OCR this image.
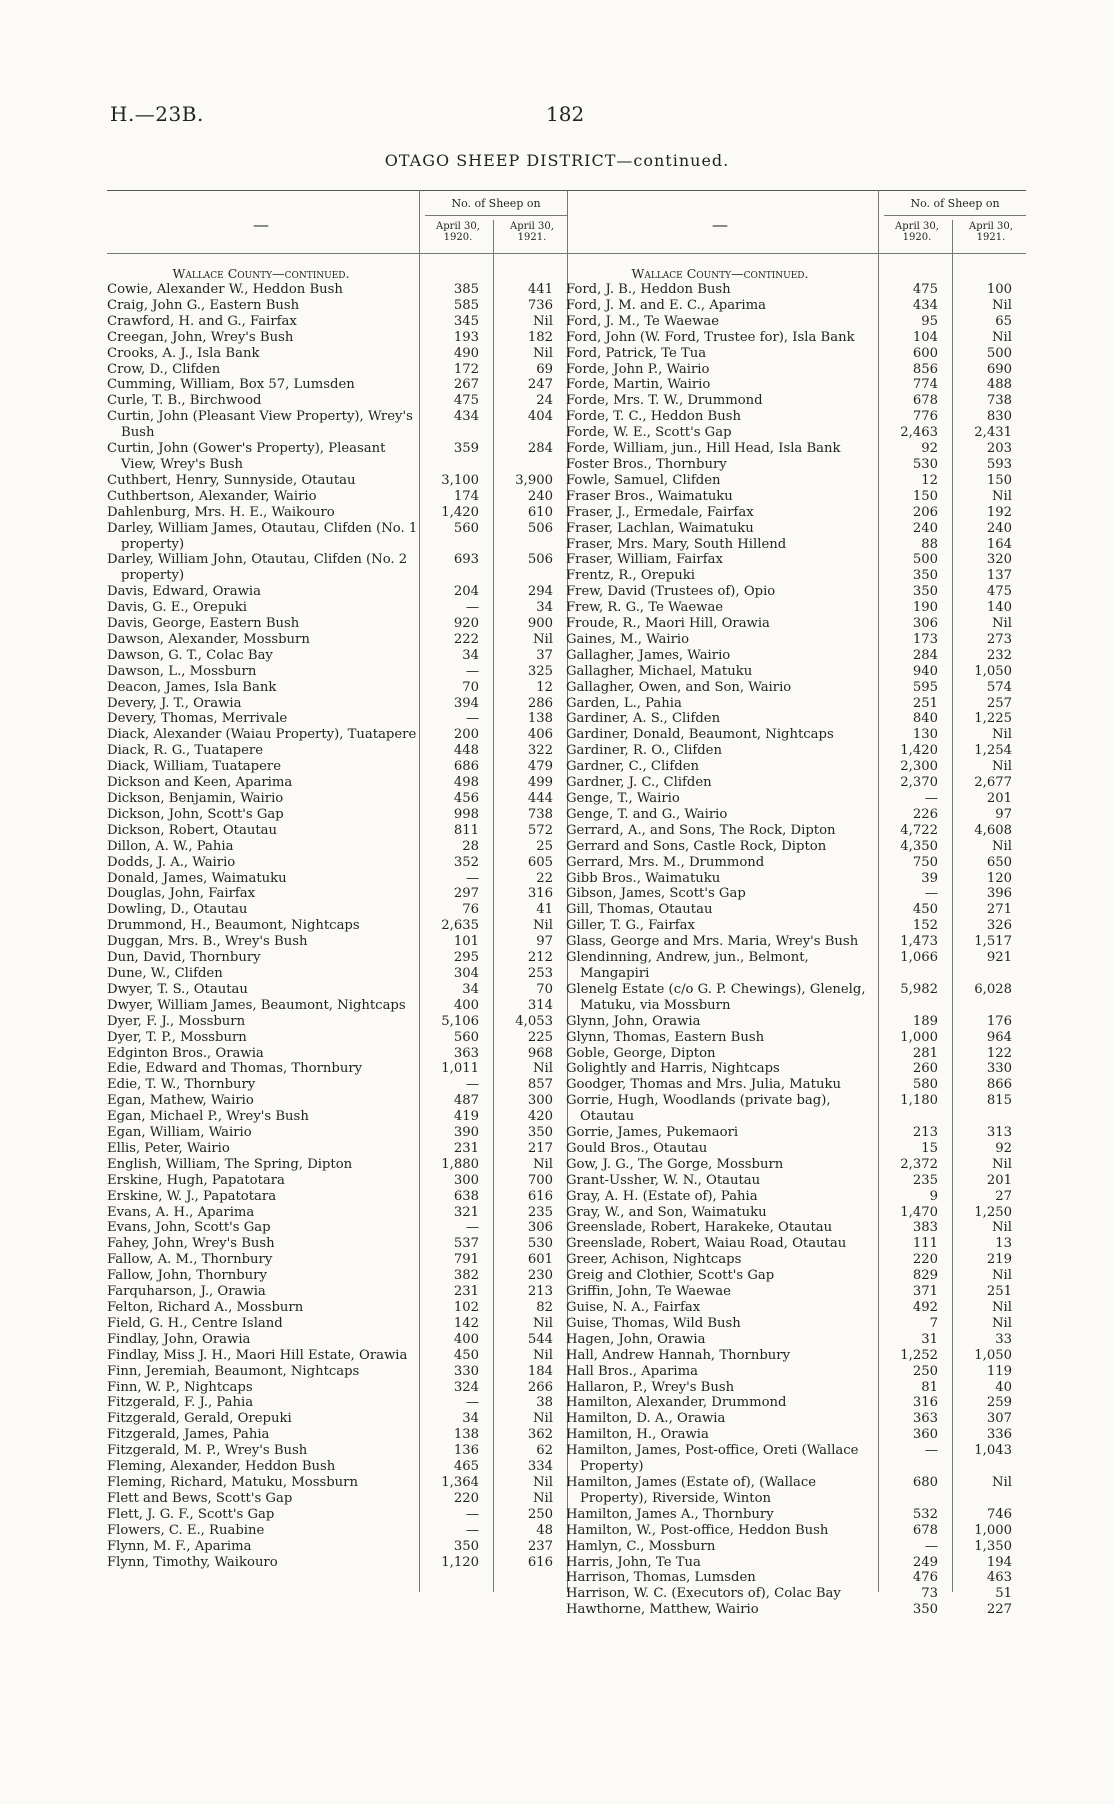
H.—23B.	182
OTAGO SHEEP DISTRICT—continued.
—
No. of Sheep on
April 30, 1920.
April 30, 1921.
Wallace County—continued.
Cowie, Alexander W., Heddon Bush	385	441
Craig, John G., Eastern Bush	585	736
Crawford, H. and G., Fairfax	345	Nil
Creegan, John, Wrey's Bush	193	182
Crooks, A. J., Isla Bank	490	Nil
Crow, D., Clifden	172	69
Cumming, William, Box 57, Lumsden	267	247
Curle, T. B., Birchwood	475	24
Curtin, John (Pleasant View Property), Wrey's Bush
434	404
Curtin, John (Gower's Property), Pleasant View, Wrey's Bush
359	284
Cuthbert, Henry, Sunnyside, Otautau	3,100	3,900
Cuthbertson, Alexander, Wairio	174	240
Dahlenburg, Mrs. H. E., Waikouro	1,420	610
Darley, William James, Otautau, Clifden (No. 1 property)
560	506
Darley, William John, Otautau, Clifden (No. 2 property)
693	506
Davis, Edward, Orawia	204	294
Davis, G. E., Orepuki	—	34
Davis, George, Eastern Bush	920	900
Dawson, Alexander, Mossburn	222	Nil
Dawson, G. T., Colac Bay	34	37
Dawson, L., Mossburn	—	325
Deacon, James, Isla Bank	70	12
Devery, J. T., Orawia	394	286
Devery, Thomas, Merrivale	—	138
Diack, Alexander (Waiau Property), Tuatapere	200	406
Diack, R. G., Tuatapere	448	322
Diack, William, Tuatapere	686	479
Dickson and Keen, Aparima	498	499
Dickson, Benjamin, Wairio	456	444
Dickson, John, Scott's Gap	998	738
Dickson, Robert, Otautau	811	572
Dillon, A. W., Pahia	28	25
Dodds, J. A., Wairio	352	605
Donald, James, Waimatuku	—	22
Douglas, John, Fairfax	297	316
Dowling, D., Otautau	76	41
Drummond, H., Beaumont, Nightcaps	2,635	Nil
Duggan, Mrs. B., Wrey's Bush	101	97
Dun, David, Thornbury	295	212
Dune, W., Clifden	304	253
Dwyer, T. S., Otautau	34	70
Dwyer, William James, Beaumont, Nightcaps	400	314
Dyer, F. J., Mossburn	5,106	4,053
Dyer, T. P., Mossburn	560	225
Edginton Bros., Orawia	363	968
Edie, Edward and Thomas, Thornbury	1,011	Nil
Edie, T. W., Thornbury	—	857
Egan, Mathew, Wairio	487	300
Egan, Michael P., Wrey's Bush	419	420
Egan, William, Wairio	390	350
Ellis, Peter, Wairio	231	217
English, William, The Spring, Dipton	1,880	Nil
Erskine, Hugh, Papatotara	300	700
Erskine, W. J., Papatotara	638	616
Evans, A. H., Aparima	321	235
Evans, John, Scott's Gap	—	306
Fahey, John, Wrey's Bush	537	530
Fallow, A. M., Thornbury	791	601
Fallow, John, Thornbury	382	230
Farquharson, J., Orawia	231	213
Felton, Richard A., Mossburn	102	82
Field, G. H., Centre Island	142	Nil
Findlay, John, Orawia	400	544
Findlay, Miss J. H., Maori Hill Estate, Orawia	450	Nil
Finn, Jeremiah, Beaumont, Nightcaps	330	184
Finn, W. P., Nightcaps	324	266
Fitzgerald, F. J., Pahia	—	38
Fitzgerald, Gerald, Orepuki	34	Nil
Fitzgerald, James, Pahia	138	362
Fitzgerald, M. P., Wrey's Bush	136	62
Fleming, Alexander, Heddon Bush	465	334
Fleming, Richard, Matuku, Mossburn	1,364	Nil
Flett and Bews, Scott's Gap	220	Nil
Flett, J. G. F., Scott's Gap	—	250
Flowers, C. E., Ruabine	—	48
Flynn, M. F., Aparima	350	237
Flynn, Timothy, Waikouro	1,120	616
—
No. of Sheep on
April 30, 1920.
April 30, 1921.
Wallace County—continued.
Ford, J. B., Heddon Bush	475	100
Ford, J. M. and E. C., Aparima	434	Nil
Ford, J. M., Te Waewae	95	65
Ford, John (W. Ford, Trustee for), Isla Bank	104	Nil
Ford, Patrick, Te Tua	600	500
Forde, John P., Wairio	856	690
Forde, Martin, Wairio	774	488
Forde, Mrs. T. W., Drummond	678	738
Forde, T. C., Heddon Bush	776	830
Forde, W. E., Scott's Gap	2,463	2,431
Forde, William, jun., Hill Head, Isla Bank	92	203
Foster Bros., Thornbury	530	593
Fowle, Samuel, Clifden	12	150
Fraser Bros., Waimatuku	150	Nil
Fraser, J., Ermedale, Fairfax	206	192
Fraser, Lachlan, Waimatuku	240	240
Fraser, Mrs. Mary, South Hillend	88	164
Fraser, William, Fairfax	500	320
Frentz, R., Orepuki	350	137
Frew, David (Trustees of), Opio	350	475
Frew, R. G., Te Waewae	190	140
Froude, R., Maori Hill, Orawia	306	Nil
Gaines, M., Wairio	173	273
Gallagher, James, Wairio	284	232
Gallagher, Michael, Matuku	940	1,050
Gallagher, Owen, and Son, Wairio	595	574
Garden, L., Pahia	251	257
Gardiner, A. S., Clifden	840	1,225
Gardiner, Donald, Beaumont, Nightcaps	130	Nil
Gardiner, R. O., Clifden	1,420	1,254
Gardner, C., Clifden	2,300	Nil
Gardner, J. C., Clifden	2,370	2,677
Genge, T., Wairio	—	201
Genge, T. and G., Wairio	226	97
Gerrard, A., and Sons, The Rock, Dipton	4,722	4,608
Gerrard and Sons, Castle Rock, Dipton	4,350	Nil
Gerrard, Mrs. M., Drummond	750	650
Gibb Bros., Waimatuku	39	120
Gibson, James, Scott's Gap	—	396
Gill, Thomas, Otautau	450	271
Giller, T. G., Fairfax	152	326
Glass, George and Mrs. Maria, Wrey's Bush	1,473	1,517
Glendinning, Andrew, jun., Belmont, Mangapiri
1,066	921
Glenelg Estate (c/o G. P. Chewings), Glenelg, Matuku, via Mossburn
5,982	6,028
Glynn, John, Orawia	189	176
Glynn, Thomas, Eastern Bush	1,000	964
Goble, George, Dipton	281	122
Golightly and Harris, Nightcaps	260	330
Goodger, Thomas and Mrs. Julia, Matuku	580	866
Gorrie, Hugh, Woodlands (private bag), Otautau
1,180	815
Gorrie, James, Pukemaori	213	313
Gould Bros., Otautau	15	92
Gow, J. G., The Gorge, Mossburn	2,372	Nil
Grant-Ussher, W. N., Otautau	235	201
Gray, A. H. (Estate of), Pahia	9	27
Gray, W., and Son, Waimatuku	1,470	1,250
Greenslade, Robert, Harakeke, Otautau	383	Nil
Greenslade, Robert, Waiau Road, Otautau	111	13
Greer, Achison, Nightcaps	220	219
Greig and Clothier, Scott's Gap	829	Nil
Griffin, John, Te Waewae	371	251
Guise, N. A., Fairfax	492	Nil
Guise, Thomas, Wild Bush	7	Nil
Hagen, John, Orawia	31	33
Hall, Andrew Hannah, Thornbury	1,252	1,050
Hall Bros., Aparima	250	119
Hallaron, P., Wrey's Bush	81	40
Hamilton, Alexander, Drummond	316	259
Hamilton, D. A., Orawia	363	307
Hamilton, H., Orawia	360	336
Hamilton, James, Post-office, Oreti (Wallace Property)
—	1,043
Hamilton, James (Estate of), (Wallace Property), Riverside, Winton
680	Nil
Hamilton, James A., Thornbury	532	746
Hamilton, W., Post-office, Heddon Bush	678	1,000
Hamlyn, C., Mossburn	—	1,350
Harris, John, Te Tua	249	194
Harrison, Thomas, Lumsden	476	463
Harrison, W. C. (Executors of), Colac Bay	73	51
Hawthorne, Matthew, Wairio	350	227
